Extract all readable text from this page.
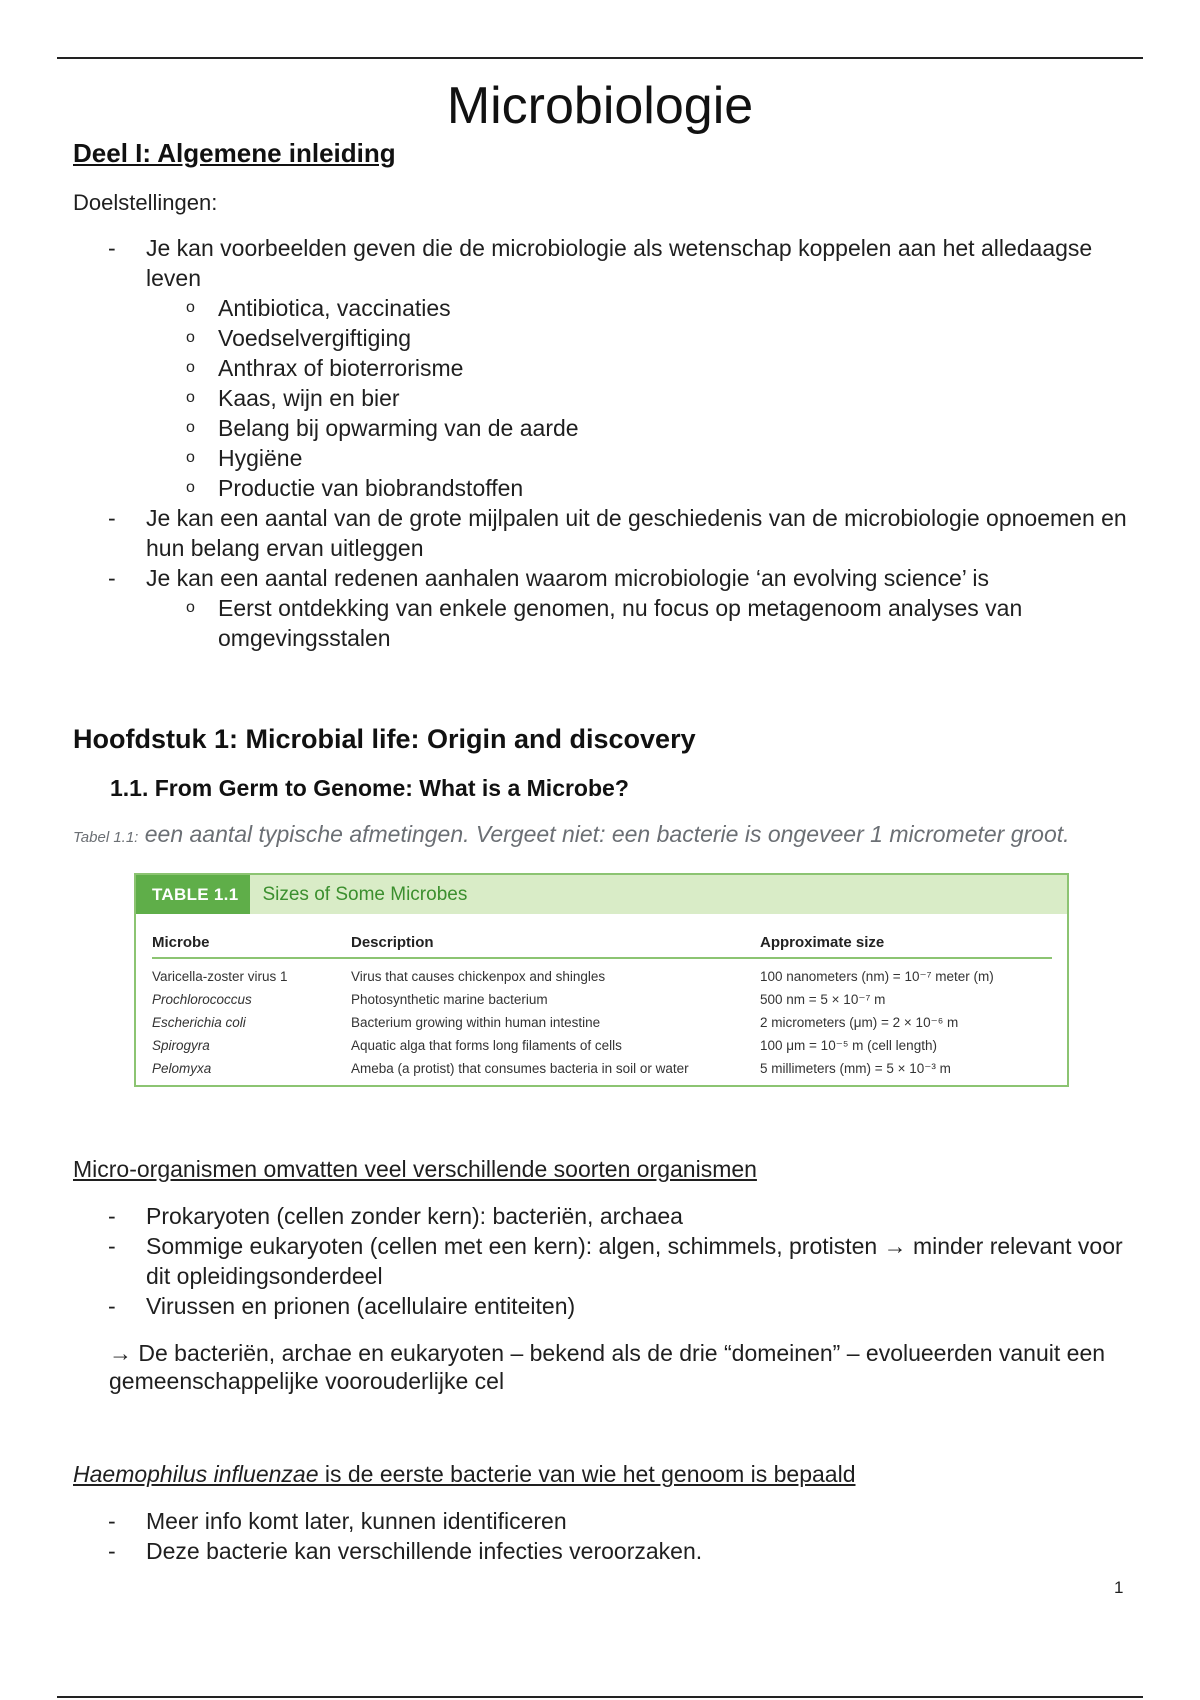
Microbiologie
Deel I: Algemene inleiding

Doelstellingen:

-	Je kan voorbeelden geven die de microbiologie als wetenschap koppelen aan het alledaagse leven
o Antibiotica, vaccinaties
o Voedselvergiftiging
o Anthrax of bioterrorisme
o Kaas, wijn en bier
o Belang bij opwarming van de aarde
o Hygiëne
o Productie van biobrandstoffen
-	Je kan een aantal van de grote mijlpalen uit de geschiedenis van de microbiologie opnoemen en hun belang ervan uitleggen
-	Je kan een aantal redenen aanhalen waarom microbiologie ‘an evolving science’ is
o Eerst ontdekking van enkele genomen, nu focus op metagenoom analyses van omgevingsstalen
Hoofdstuk 1: Microbial life: Origin and discovery
1.1. From Germ to Genome: What is a Microbe?

Tabel 1.1: een aantal typische afmetingen. Vergeet niet: een bacterie is ongeveer 1 micrometer groot.

TABLE 1.1	Sizes of Some Microbes
Microbe	Description	Approximate size
Varicella-zoster virus 1	Virus that causes chickenpox and shingles	100 nanometers (nm) = 10⁻⁷ meter (m)
Prochlorococcus	Photosynthetic marine bacterium	500 nm = 5 × 10⁻⁷ m
Escherichia coli	Bacterium growing within human intestine	2 micrometers (μm) = 2 × 10⁻⁶ m
Spirogyra	Aquatic alga that forms long filaments of cells	100 μm = 10⁻⁵ m (cell length)
Pelomyxa	Ameba (a protist) that consumes bacteria in soil or water	5 millimeters (mm) = 5 × 10⁻³ m

Micro-organismen omvatten veel verschillende soorten organismen

-	Prokaryoten (cellen zonder kern): bacteriën, archaea
-	Sommige eukaryoten (cellen met een kern): algen, schimmels, protisten → minder relevant voor dit opleidingsonderdeel
-	Virussen en prionen (acellulaire entiteiten)

→ De bacteriën, archae en eukaryoten – bekend als de drie “domeinen” – evolueerden vanuit een gemeenschappelijke voorouderlijke cel

Haemophilus influenzae is de eerste bacterie van wie het genoom is bepaald

-	Meer info komt later, kunnen identificeren
-	Deze bacterie kan verschillende infecties veroorzaken.
1
